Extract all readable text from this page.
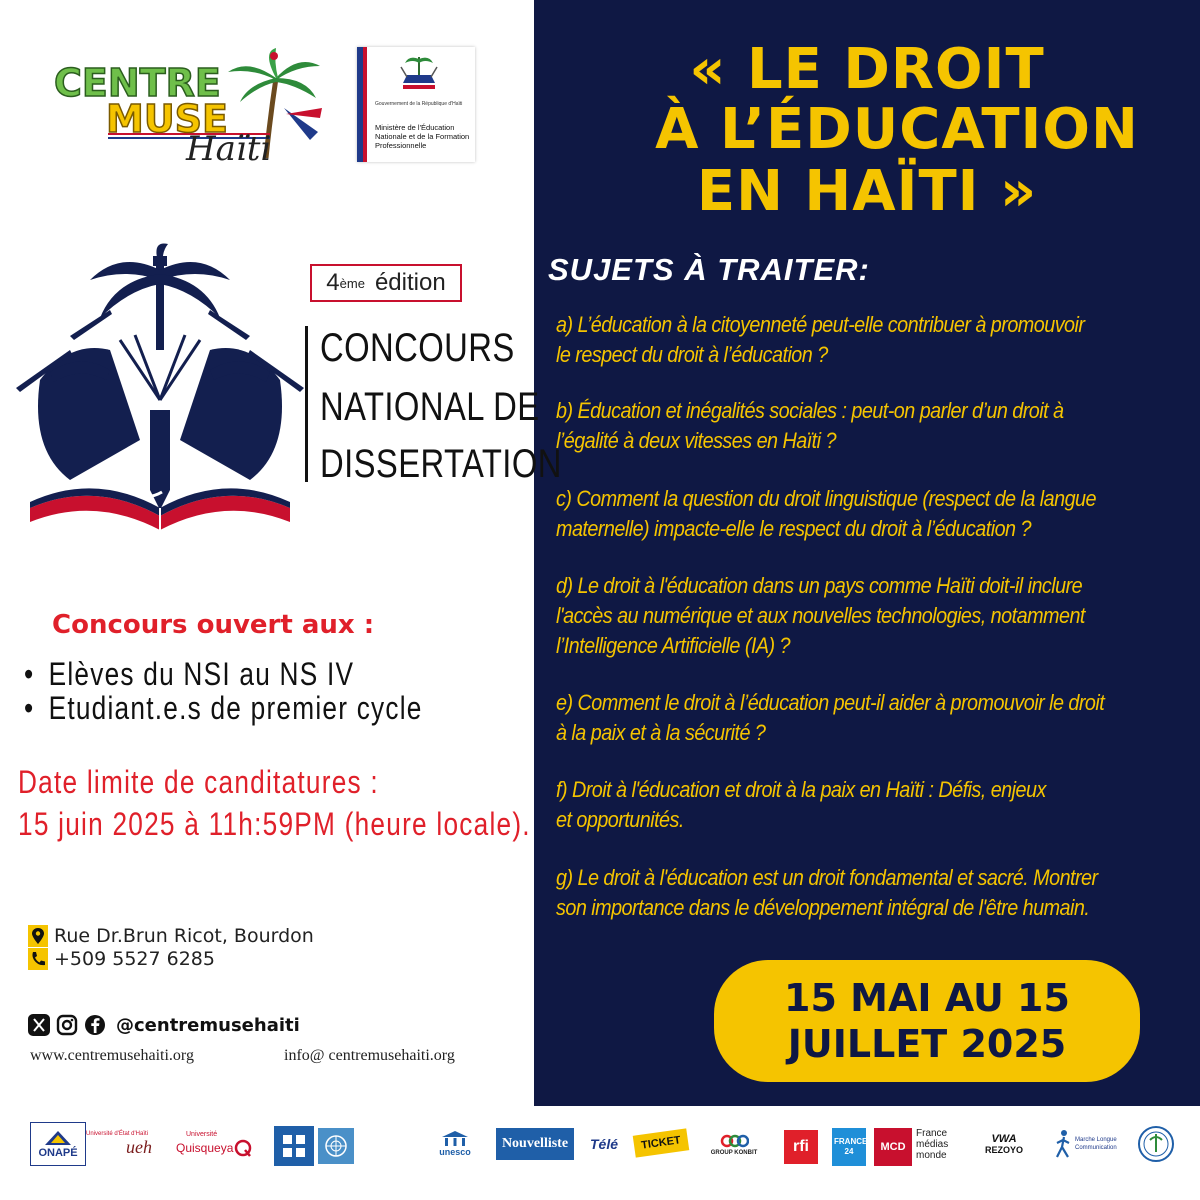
« LE DROIT
À L’ÉDUCATION
EN HAÏTI »
SUJETS À TRAITER:
a) L’éducation à la citoyenneté peut-elle contribuer à promouvoir
le respect du droit à l’éducation ?
b) Éducation et inégalités sociales : peut-on parler d’un droit à
l’égalité à deux vitesses en Haïti ?
c) Comment la question du droit linguistique (respect de la langue
maternelle) impacte-elle le respect du droit à l’éducation ?
d) Le droit à l'éducation dans un pays comme Haïti doit-il inclure
l'accès au numérique et aux nouvelles technologies, notamment
l’Intelligence Artificielle (IA) ?
e) Comment le droit à l’éducation peut-il aider à promouvoir le droit
à la paix et à la sécurité ?
f) Droit à l'éducation et droit à la paix en Haïti : Défis, enjeux
et opportunités.
g) Le droit à l'éducation est un droit fondamental et sacré. Montrer
son importance dans le développement intégral de l'être humain.
15 MAI AU 15
JUILLET 2025
CENTRE
MUSE
Haïti
Gouvernement de la République d'Haïti
Ministère de l'Éducation Nationale et de la Formation Professionnelle
4 ème édition
CONCOURS
NATIONAL DE
DISSERTATION
Concours ouvert aux :
• Elèves du NSI au NS IV
• Etudiant.e.s de premier cycle
Date limite de canditatures :
15 juin 2025 à 11h:59PM (heure locale).
Rue Dr.Brun Ricot, Bourdon
+509 5527 6285
@centremusehaiti
www.centremusehaiti.org	info@ centremusehaiti.org
ONAPÉ
Université d'État d'Haïti
ueh
Université
Quisqueya	unesco
Nouvelliste Télé TICKET
GROUP KONBIT rfi	FRANCE 24	MCD
France
médias
monde
VWA
REZOYO
Marche Longue Communication
